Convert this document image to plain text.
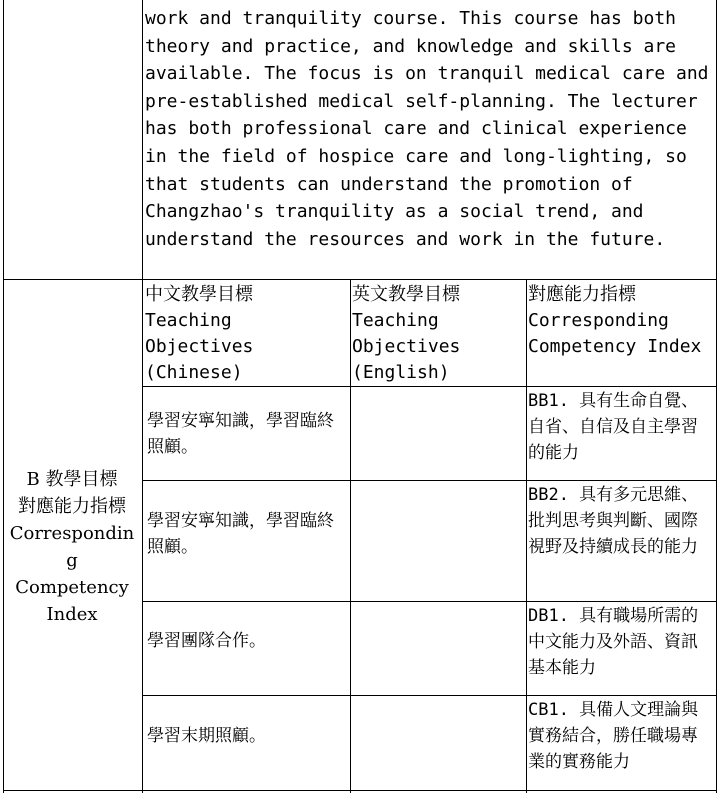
work and tranquility course. This course has both theory and practice, and knowledge and skills are available. The focus is on tranquil medical care and pre-established medical self-planning. The lecturer has both professional care and clinical experience in the field of hospice care and long-lighting, so that students can understand the promotion of Changzhao's tranquility as a social trend, and understand the resources and work in the future.
B 教學目標
對應能力指標
Corresponding
Competency
Index
中文教學目標
Teaching Objectives
(Chinese)
英文教學目標
Teaching
Objectives
(English)
對應能力指標
Corresponding
Competency Index
學習安寧知識，學習臨終照顧。
BB1. 具有生命自覺、自省、自信及自主學習的能力
學習安寧知識，學習臨終照顧。
BB2. 具有多元思維、批判思考與判斷、國際視野及持續成長的能力
學習團隊合作。
DB1. 具有職場所需的中文能力及外語、資訊基本能力
學習末期照顧。
CB1. 具備人文理論與實務結合，勝任職場專業的實務能力
